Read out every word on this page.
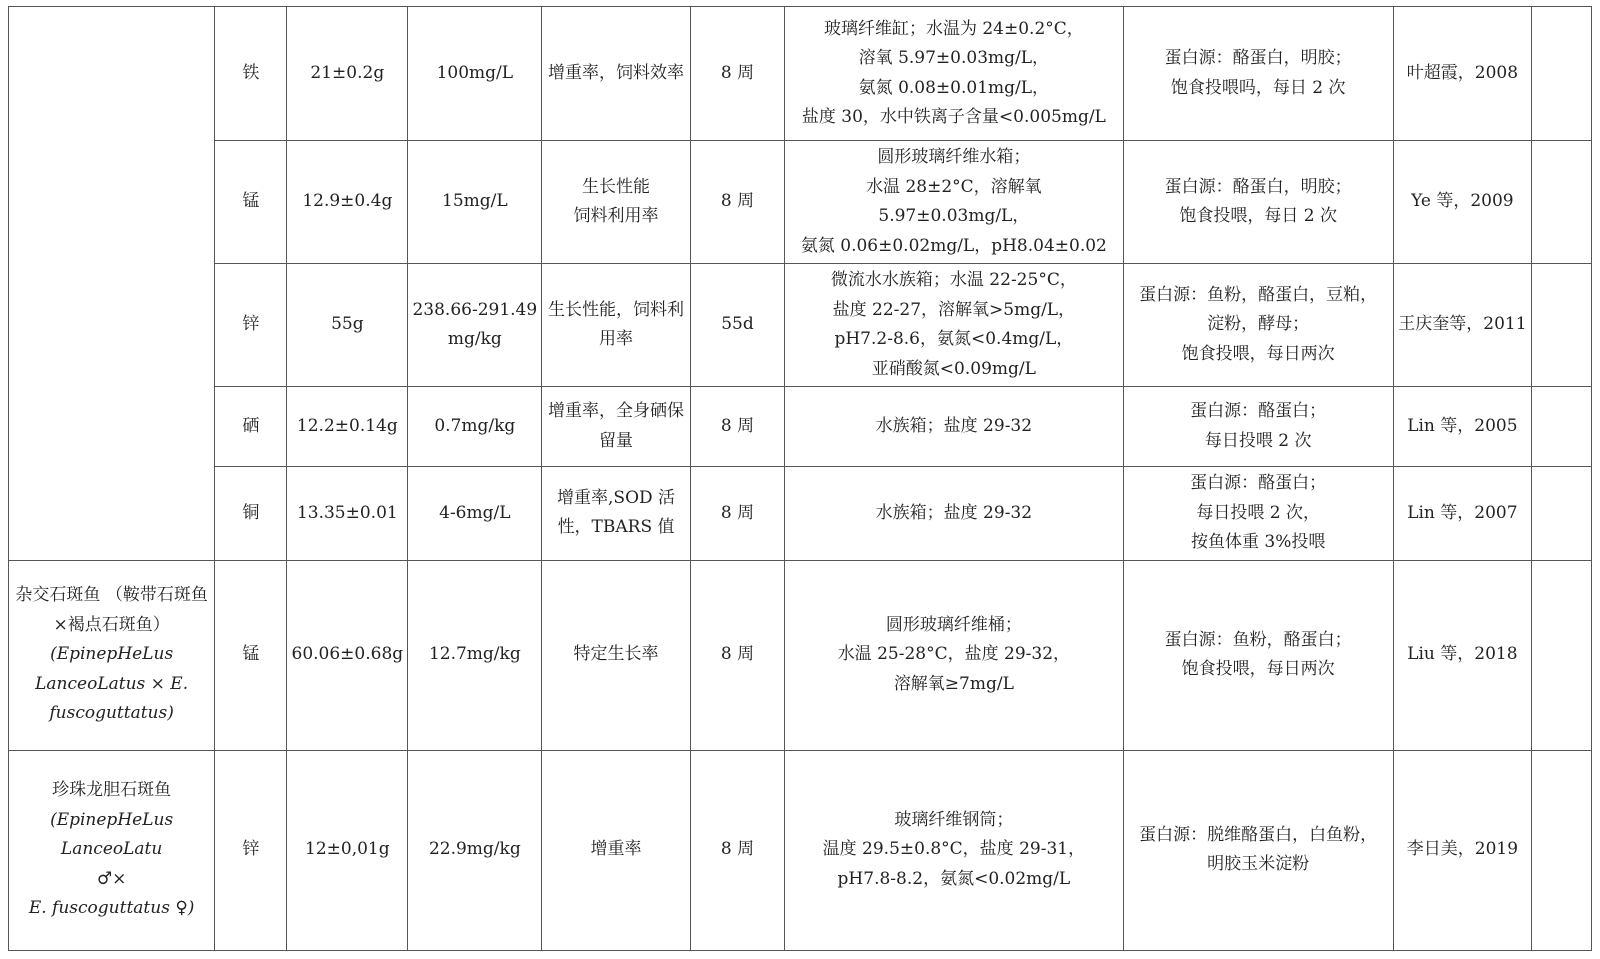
	铁	21±0.2g	100mg/L	增重率，饲料效率	8 周	玻璃纤维缸；水温为 24±0.2°C，
溶氧 5.97±0.03mg/L，
氨氮 0.08±0.01mg/L，
盐度 30，水中铁离子含量<0.005mg/L	蛋白源：酪蛋白，明胶；
饱食投喂吗，每日 2 次	叶超霞，2008	
	锰	12.9±0.4g	15mg/L	生长性能
饲料利用率	8 周	圆形玻璃纤维水箱；
水温 28±2°C，溶解氧 5.97±0.03mg/L，
氨氮 0.06±0.02mg/L，pH8.04±0.02	蛋白源：酪蛋白，明胶；
饱食投喂，每日 2 次	Ye 等，2009	
	锌	55g	238.66-291.49 mg/kg	生长性能，饲料利用率	55d	微流水水族箱；水温 22-25°C，
盐度 22-27，溶解氧>5mg/L，
pH7.2-8.6，氨氮<0.4mg/L，
亚硝酸氮<0.09mg/L	蛋白源：鱼粉，酪蛋白，豆粕，
淀粉，酵母；
饱食投喂，每日两次	王庆奎等，2011	
	硒	12.2±0.14g	0.7mg/kg	增重率，全身硒保留量	8 周	水族箱；盐度 29-32	蛋白源：酪蛋白；
每日投喂 2 次	Lin 等，2005	
	铜	13.35±0.01	4-6mg/L	增重率,SOD 活性，TBARS 值	8 周	水族箱；盐度 29-32	蛋白源：酪蛋白；
每日投喂 2 次，
按鱼体重 3%投喂	Lin 等，2007	

杂交石斑鱼 （鞍带石斑鱼×褐点石斑鱼）
(EpinepHeLus
LanceoLatus × E.
fuscoguttatus)	锰	60.06±0.68g	12.7mg/kg	特定生长率	8 周	圆形玻璃纤维桶；
水温 25-28°C，盐度 29-32，
溶解氧≥7mg/L	蛋白源：鱼粉，酪蛋白；
饱食投喂，每日两次	Liu 等，2018	

珍珠龙胆石斑鱼
(EpinepHeLus
LanceoLatu
♂×
E. fuscoguttatus ♀)	锌	12±0,01g	22.9mg/kg	增重率	8 周	玻璃纤维钢筒；
温度 29.5±0.8°C，盐度 29-31，
pH7.8-8.2，氨氮<0.02mg/L	蛋白源：脱维酪蛋白，白鱼粉，
明胶玉米淀粉	李日美，2019	
